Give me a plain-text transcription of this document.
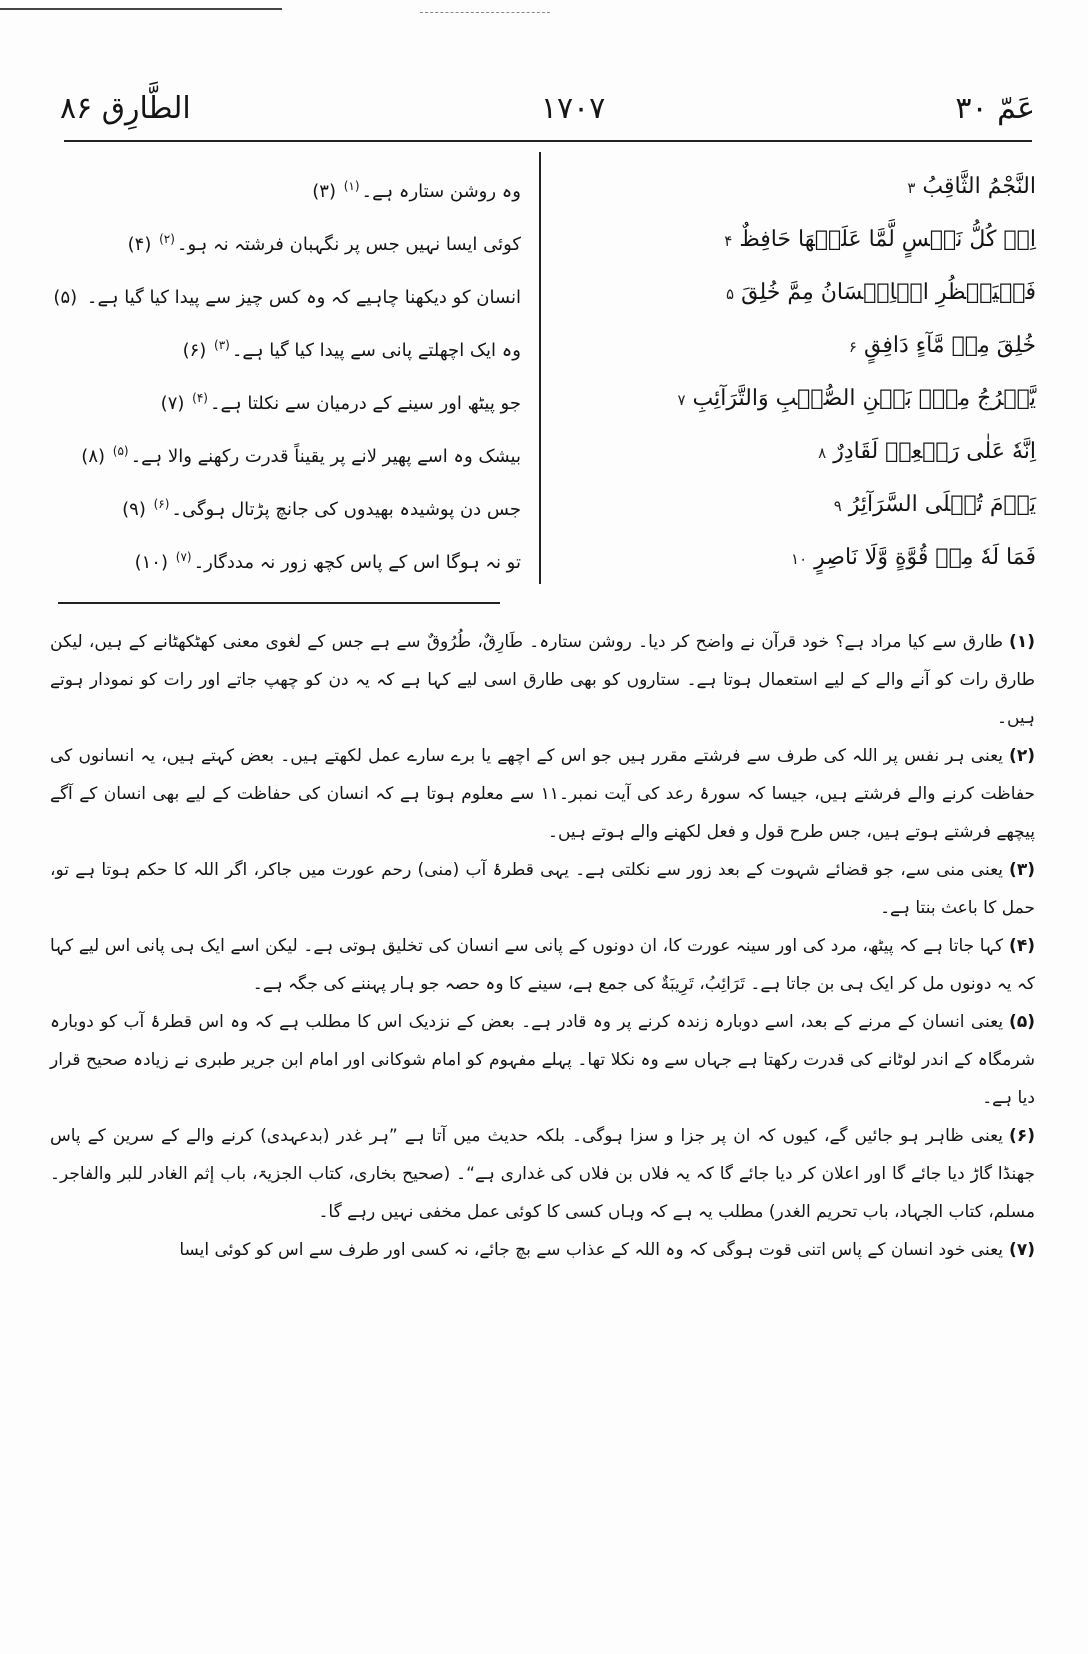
الطَّارِق ۸۶	۱۷۰۷	عَمّ ۳۰
النَّجْمُ الثَّاقِبُ ۳
اِنۡ كُلُّ نَفۡسٍ لَّمَّا عَلَيۡهَا حَافِظٌ ۴
فَلۡيَنۡظُرِ الۡاِنۡسَانُ مِمَّ خُلِقَ ۵
خُلِقَ مِنۡ مَّآءٍ دَافِقٍ ۶
يَّخۡرُجُ مِنۡۢ بَيۡنِ الصُّلۡبِ وَالتَّرَآئِبِ ۷
اِنَّهٗ عَلٰى رَجۡعِهٖ لَقَادِرٌ ۸
يَوۡمَ تُبۡلَى السَّرَآئِرُ ۹
فَمَا لَهٗ مِنۡ قُوَّةٍ وَّلَا نَاصِرٍ ۱۰
وہ روشن ستارہ ہے۔$^{(۱)}$ (۳)
کوئی ایسا نہیں جس پر نگہبان فرشتہ نہ ہو۔$^{(۲)}$ (۴)
انسان کو دیکھنا چاہیے کہ وہ کس چیز سے پیدا کیا گیا ہے۔ (۵)
وہ ایک اچھلتے پانی سے پیدا کیا گیا ہے۔$^{(۳)}$ (۶)
جو پیٹھ اور سینے کے درمیان سے نکلتا ہے۔$^{(۴)}$ (۷)
بیشک وہ اسے پھیر لانے پر یقیناً قدرت رکھنے والا ہے۔$^{(۵)}$ (۸)
جس دن پوشیدہ بھیدوں کی جانچ پڑتال ہوگی۔$^{(۶)}$ (۹)
تو نہ ہوگا اس کے پاس کچھ زور نہ مددگار۔$^{(۷)}$ (۱۰)

(۱)طارق سے کیا مراد ہے؟ خود قرآن نے واضح کر دیا۔ روشن ستارہ۔ طَارِقٌ، طُرُوقٌ سے ہے جس کے لغوی معنی کھٹکھٹانے کے ہیں، لیکن طارق رات کو آنے والے کے لیے استعمال ہوتا ہے۔ ستاروں کو بھی طارق اسی لیے کہا ہے کہ یہ دن کو چھپ جاتے اور رات کو نمودار ہوتے ہیں۔

(۲)یعنی ہر نفس پر اللہ کی طرف سے فرشتے مقرر ہیں جو اس کے اچھے یا برے سارے عمل لکھتے ہیں۔ بعض کہتے ہیں، یہ انسانوں کی حفاظت کرنے والے فرشتے ہیں، جیسا کہ سورۂ رعد کی آیت نمبر۔۱۱ سے معلوم ہوتا ہے کہ انسان کی حفاظت کے لیے بھی انسان کے آگے پیچھے فرشتے ہوتے ہیں، جس طرح قول و فعل لکھنے والے ہوتے ہیں۔

(۳)یعنی منی سے، جو قضائے شہوت کے بعد زور سے نکلتی ہے۔ یہی قطرۂ آب (منی) رحم عورت میں جاکر، اگر اللہ کا حکم ہوتا ہے تو، حمل کا باعث بنتا ہے۔

(۴)کہا جاتا ہے کہ پیٹھ، مرد کی اور سینہ عورت کا، ان دونوں کے پانی سے انسان کی تخلیق ہوتی ہے۔ لیکن اسے ایک ہی پانی اس لیے کہا کہ یہ دونوں مل کر ایک ہی بن جاتا ہے۔ تَرَائِبُ، تَرِيبَةٌ کی جمع ہے، سینے کا وہ حصہ جو ہار پہننے کی جگہ ہے۔

(۵)یعنی انسان کے مرنے کے بعد، اسے دوبارہ زندہ کرنے پر وہ قادر ہے۔ بعض کے نزدیک اس کا مطلب ہے کہ وہ اس قطرۂ آب کو دوبارہ شرمگاہ کے اندر لوٹانے کی قدرت رکھتا ہے جہاں سے وہ نکلا تھا۔ پہلے مفہوم کو امام شوکانی اور امام ابن جریر طبری نے زیادہ صحیح قرار دیا ہے۔

(۶)یعنی ظاہر ہو جائیں گے، کیوں کہ ان پر جزا و سزا ہوگی۔ بلکہ حدیث میں آتا ہے ”ہر غدر (بدعہدی) کرنے والے کے سرین کے پاس جھنڈا گاڑ دیا جائے گا اور اعلان کر دیا جائے گا کہ یہ فلاں بن فلاں کی غداری ہے“۔ (صحیح بخاری، کتاب الجزیۃ، باب إثم الغادر للبر والفاجر۔ مسلم، کتاب الجہاد، باب تحریم الغدر) مطلب یہ ہے کہ وہاں کسی کا کوئی عمل مخفی نہیں رہے گا۔

(۷)یعنی خود انسان کے پاس اتنی قوت ہوگی کہ وہ اللہ کے عذاب سے بچ جائے، نہ کسی اور طرف سے اس کو کوئی ایسا
